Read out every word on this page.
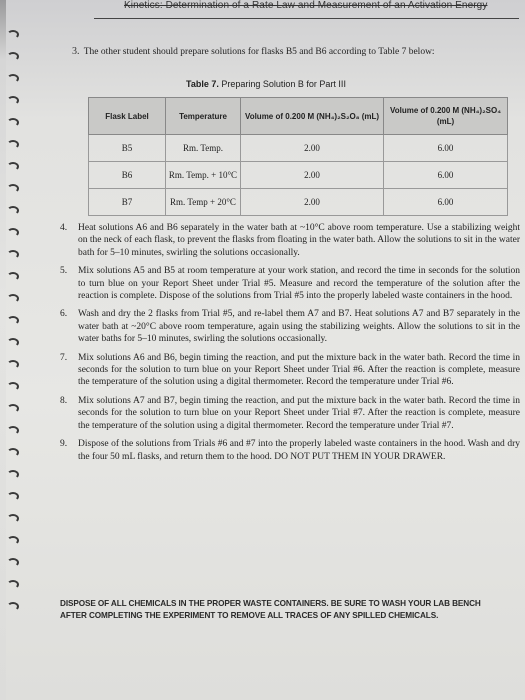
Kinetics: Determination of a Rate Law and Measurement of an Activation Energy
3. The other student should prepare solutions for flasks B5 and B6 according to Table 7 below:
Table 7. Preparing Solution B for Part III
Flask Label	Temperature	Volume of 0.200 M (NH₄)₂S₂O₈ (mL)	Volume of 0.200 M (NH₄)₂SO₄ (mL)
B5	Rm. Temp.	2.00	6.00
B6	Rm. Temp. + 10°C	2.00	6.00
B7	Rm. Temp + 20°C	2.00	6.00
4.	Heat solutions A6 and B6 separately in the water bath at ~10°C above room temperature. Use a stabilizing weight on the neck of each flask, to prevent the flasks from floating in the water bath. Allow the solutions to sit in the water bath for 5–10 minutes, swirling the solutions occasionally.
5.	Mix solutions A5 and B5 at room temperature at your work station, and record the time in seconds for the solution to turn blue on your Report Sheet under Trial #5. Measure and record the temperature of the solution after the reaction is complete. Dispose of the solutions from Trial #5 into the properly labeled waste containers in the hood.
6.	Wash and dry the 2 flasks from Trial #5, and re-label them A7 and B7. Heat solutions A7 and B7 separately in the water bath at ~20°C above room temperature, again using the stabilizing weights. Allow the solutions to sit in the water baths for 5–10 minutes, swirling the solutions occasionally.
7.	Mix solutions A6 and B6, begin timing the reaction, and put the mixture back in the water bath. Record the time in seconds for the solution to turn blue on your Report Sheet under Trial #6. After the reaction is complete, measure the temperature of the solution using a digital thermometer. Record the temperature under Trial #6.
8.	Mix solutions A7 and B7, begin timing the reaction, and put the mixture back in the water bath. Record the time in seconds for the solution to turn blue on your Report Sheet under Trial #7. After the reaction is complete, measure the temperature of the solution using a digital thermometer. Record the temperature under Trial #7.
9.	Dispose of the solutions from Trials #6 and #7 into the properly labeled waste containers in the hood. Wash and dry the four 50 mL flasks, and return them to the hood. DO NOT PUT THEM IN YOUR DRAWER.
DISPOSE OF ALL CHEMICALS IN THE PROPER WASTE CONTAINERS. BE SURE TO WASH YOUR LAB BENCH AFTER COMPLETING THE EXPERIMENT TO REMOVE ALL TRACES OF ANY SPILLED CHEMICALS.
